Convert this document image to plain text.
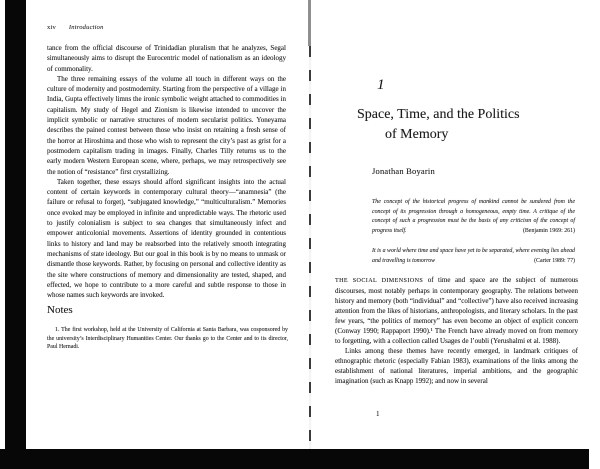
xiv Introduction

tance from the official discourse of Trinidadian pluralism that he analyzes, Segal simultaneously aims to disrupt the Eurocentric model of nationalism as an ideology of commonality.

The three remaining essays of the volume all touch in different ways on the culture of modernity and postmodernity. Starting from the perspective of a village in India, Gupta effectively limns the ironic symbolic weight attached to commodities in capitalism. My study of Hegel and Zionism is likewise intended to uncover the implicit symbolic or narrative structures of modern secularist politics. Yoneyama describes the pained contest between those who insist on retaining a fresh sense of the horror at Hiroshima and those who wish to represent the city’s past as grist for a postmodern capitalism trading in images. Finally, Charles Tilly returns us to the early modern Western European scene, where, perhaps, we may retrospectively see the notion of “resistance” first crystallizing.

Taken together, these essays should afford significant insights into the actual content of certain keywords in contemporary cultural theory—“anamnesia” (the failure or refusal to forget), “subjugated knowledge,” “multiculturalism.” Memories once evoked may be employed in infinite and unpredictable ways. The rhetoric used to justify colonialism is subject to sea changes that simultaneously infect and empower anticolonial movements. Assertions of identity grounded in contentious links to history and land may be reabsorbed into the relatively smooth integrating mechanisms of state ideology. But our goal in this book is by no means to unmask or dismantle those keywords. Rather, by focusing on personal and collective identity as the site where constructions of memory and dimensionality are tested, shaped, and effected, we hope to contribute to a more careful and subtle response to those in whose names such keywords are invoked.

Notes

1. The first workshop, held at the University of California at Santa Barbara, was cosponsored by the university’s Interdisciplinary Humanities Center. Our thanks go to the Center and to its director, Paul Hernadi.

1
Space, Time, and the Politics
of Memory
Jonathan Boyarin

The concept of the historical progress of mankind cannot be sundered from the concept of its progression through a homogeneous, empty time. A critique of the concept of such a progression must be the basis of any criticism of the concept of progress itself.	(Benjamin 1969: 261)

It is a world where time and space have yet to be separated, where evening lies ahead and travelling is tomorrow	(Carter 1989: 77)

THE SOCIAL DIMENSIONS of time and space are the subject of numerous discourses, most notably perhaps in contemporary geography. The relations between history and memory (both “individual” and “collective”) have also received increasing attention from the likes of historians, anthropologists, and literary scholars. In the past few years, “the politics of memory” has even become an object of explicit concern (Conway 1990; Rappaport 1990).¹ The French have already moved on from memory to forgetting, with a collection called Usages de l’oubli (Yerushalmi et al. 1988).

Links among these themes have recently emerged, in landmark critiques of ethnographic rhetoric (especially Fabian 1983), examinations of the links among the establishment of national literatures, imperial ambitions, and the geographic imagination (such as Knapp 1992); and now in several

1
